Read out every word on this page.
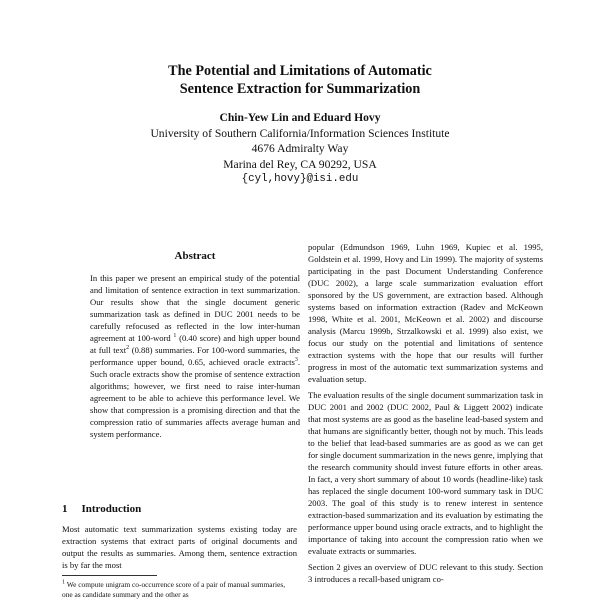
The Potential and Limitations of Automatic
Sentence Extraction for Summarization
Chin-Yew Lin and Eduard Hovy
University of Southern California/Information Sciences Institute
4676 Admiralty Way
Marina del Rey, CA 90292, USA
{cyl,hovy}@isi.edu
Abstract
In this paper we present an empirical study of the potential and limitation of sentence extraction in text summarization. Our results show that the single document generic summarization task as defined in DUC 2001 needs to be carefully refocused as reflected in the low inter-human agreement at 100-word $^1$ (0.40 score) and high upper bound at full text$^2$ (0.88) summaries. For 100-word summaries, the performance upper bound, 0.65, achieved oracle extracts$^3$. Such oracle extracts show the promise of sentence extraction algorithms; however, we first need to raise inter-human agreement to be able to achieve this performance level. We show that compression is a promising direction and that the compression ratio of summaries affects average human and system performance.
1 Introduction
Most automatic text summarization systems existing today are extraction systems that extract parts of original documents and output the results as summaries. Among them, sentence extraction is by far the most
$^1$ We compute unigram co-occurrence score of a pair of manual summaries, one as candidate summary and the other as
popular (Edmundson 1969, Luhn 1969, Kupiec et al. 1995, Goldstein et al. 1999, Hovy and Lin 1999). The majority of systems participating in the past Document Understanding Conference (DUC 2002), a large scale summarization evaluation effort sponsored by the US government, are extraction based. Although systems based on information extraction (Radev and McKeown 1998, White et al. 2001, McKeown et al. 2002) and discourse analysis (Marcu 1999b, Strzalkowski et al. 1999) also exist, we focus our study on the potential and limitations of sentence extraction systems with the hope that our results will further progress in most of the automatic text summarization systems and evaluation setup.
The evaluation results of the single document summarization task in DUC 2001 and 2002 (DUC 2002, Paul & Liggett 2002) indicate that most systems are as good as the baseline lead-based system and that humans are significantly better, though not by much. This leads to the belief that lead-based summaries are as good as we can get for single document summarization in the news genre, implying that the research community should invest future efforts in other areas. In fact, a very short summary of about 10 words (headline-like) task has replaced the single document 100-word summary task in DUC 2003. The goal of this study is to renew interest in sentence extraction-based summarization and its evaluation by estimating the performance upper bound using oracle extracts, and to highlight the importance of taking into account the compression ratio when we evaluate extracts or summaries.
Section 2 gives an overview of DUC relevant to this study. Section 3 introduces a recall-based unigram co-
